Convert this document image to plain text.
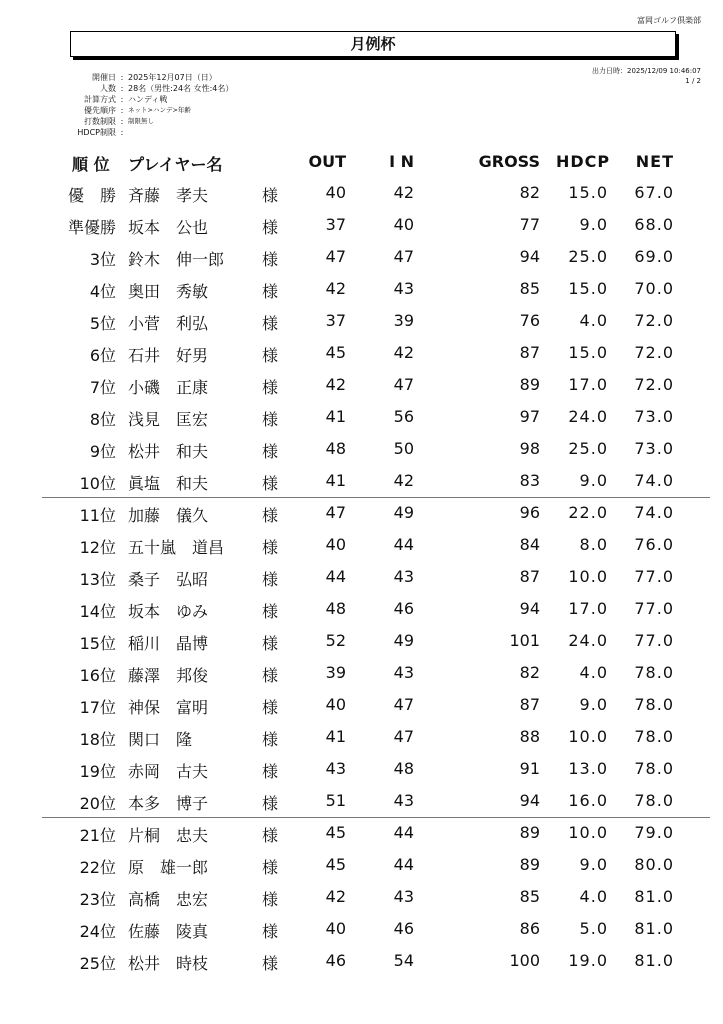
富岡ゴルフ倶楽部
月例杯
出力日時：2025/12/09 10:46:07
1 / 2
開催日 : 2025年12月07日（日）
人数 : 28名（男性:24名 女性:4名）
計算方式 : ハンディ戦
優先順序 : ネット>ハンデ>年齢
打数制限 : 制限無し
HDCP制限 :
順 位	プレイヤー名	OUT	I N	GROSS HDCP	NET
優　勝 斉藤　孝夫	様	40	42	82	15.0	67.0
準優勝 坂本　公也	様	37	40	77	9.0	68.0
3位 鈴木　伸一郎	様	47	47	94	25.0	69.0
4位 奥田　秀敏	様	42	43	85	15.0	70.0
5位 小菅　利弘	様	37	39	76	4.0	72.0
6位 石井　好男	様	45	42	87	15.0	72.0
7位 小磯　正康	様	42	47	89	17.0	72.0
8位 浅見　匡宏	様	41	56	97	24.0	73.0
9位 松井　和夫	様	48	50	98	25.0	73.0
10位 眞塩　和夫	様	41	42	83	9.0	74.0
11位 加藤　儀久	様	47	49	96	22.0	74.0
12位 五十嵐　道昌	様	40	44	84	8.0	76.0
13位 桑子　弘昭	様	44	43	87	10.0	77.0
14位 坂本　ゆみ	様	48	46	94	17.0	77.0
15位 稲川　晶博	様	52	49	101	24.0	77.0
16位 藤澤　邦俊	様	39	43	82	4.0	78.0
17位 神保　富明	様	40	47	87	9.0	78.0
18位 関口　隆	様	41	47	88	10.0	78.0
19位 赤岡　古夫	様	43	48	91	13.0	78.0
20位 本多　博子	様	51	43	94	16.0	78.0
21位 片桐　忠夫	様	45	44	89	10.0	79.0
22位 原　雄一郎	様	45	44	89	9.0	80.0
23位 高橋　忠宏	様	42	43	85	4.0	81.0
24位 佐藤　陵真	様	40	46	86	5.0	81.0
25位 松井　時枝	様	46	54	100	19.0	81.0
